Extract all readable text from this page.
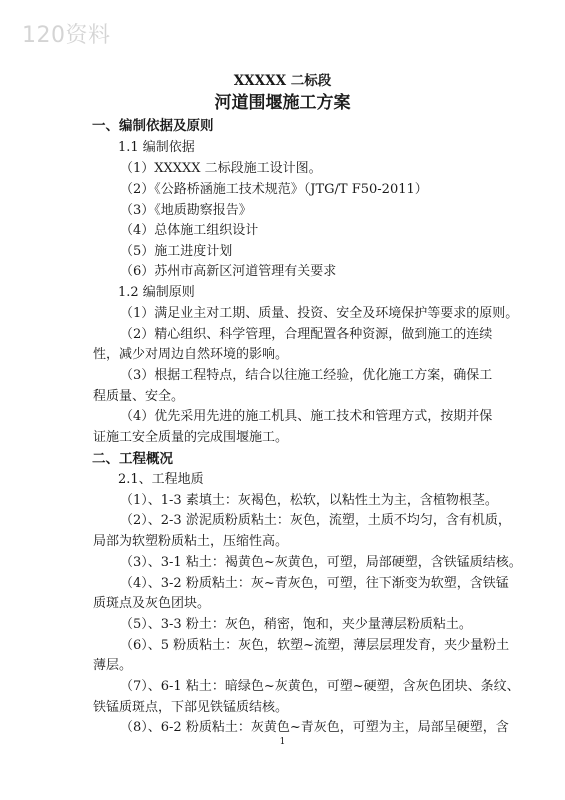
120资料
XXXXX 二标段
河道围堰施工方案
一、编制依据及原则
1.1 编制依据
（1）XXXXX 二标段施工设计图。
（2）《公路桥涵施工技术规范》（JTG/T F50-2011）
（3）《地质勘察报告》
（4）总体施工组织设计
（5）施工进度计划
（6）苏州市高新区河道管理有关要求
1.2 编制原则
（1）满足业主对工期、质量、投资、安全及环境保护等要求的原则。
（2）精心组织、科学管理，合理配置各种资源，做到施工的连续
性，减少对周边自然环境的影响。
（3）根据工程特点，结合以往施工经验，优化施工方案，确保工
程质量、安全。
（4）优先采用先进的施工机具、施工技术和管理方式，按期并保
证施工安全质量的完成围堰施工。
二、工程概况
2.1、工程地质
（1）、1-3 素填土：灰褐色，松软，以粘性土为主，含植物根茎。
（2）、2-3 淤泥质粉质粘土：灰色，流塑，土质不均匀，含有机质，
局部为软塑粉质粘土，压缩性高。
（3）、3-1 粘土：褐黄色~灰黄色，可塑，局部硬塑，含铁锰质结核。
（4）、3-2 粉质粘土：灰~青灰色，可塑，往下渐变为软塑，含铁锰
质斑点及灰色团块。
（5）、3-3 粉土：灰色，稍密，饱和，夹少量薄层粉质粘土。
（6）、5 粉质粘土：灰色，软塑~流塑，薄层层理发育，夹少量粉土
薄层。
（7）、6-1 粘土：暗绿色~灰黄色，可塑~硬塑，含灰色团块、条纹、
铁锰质斑点，下部见铁锰质结核。
（8）、6-2 粉质粘土：灰黄色~青灰色，可塑为主，局部呈硬塑，含
1
